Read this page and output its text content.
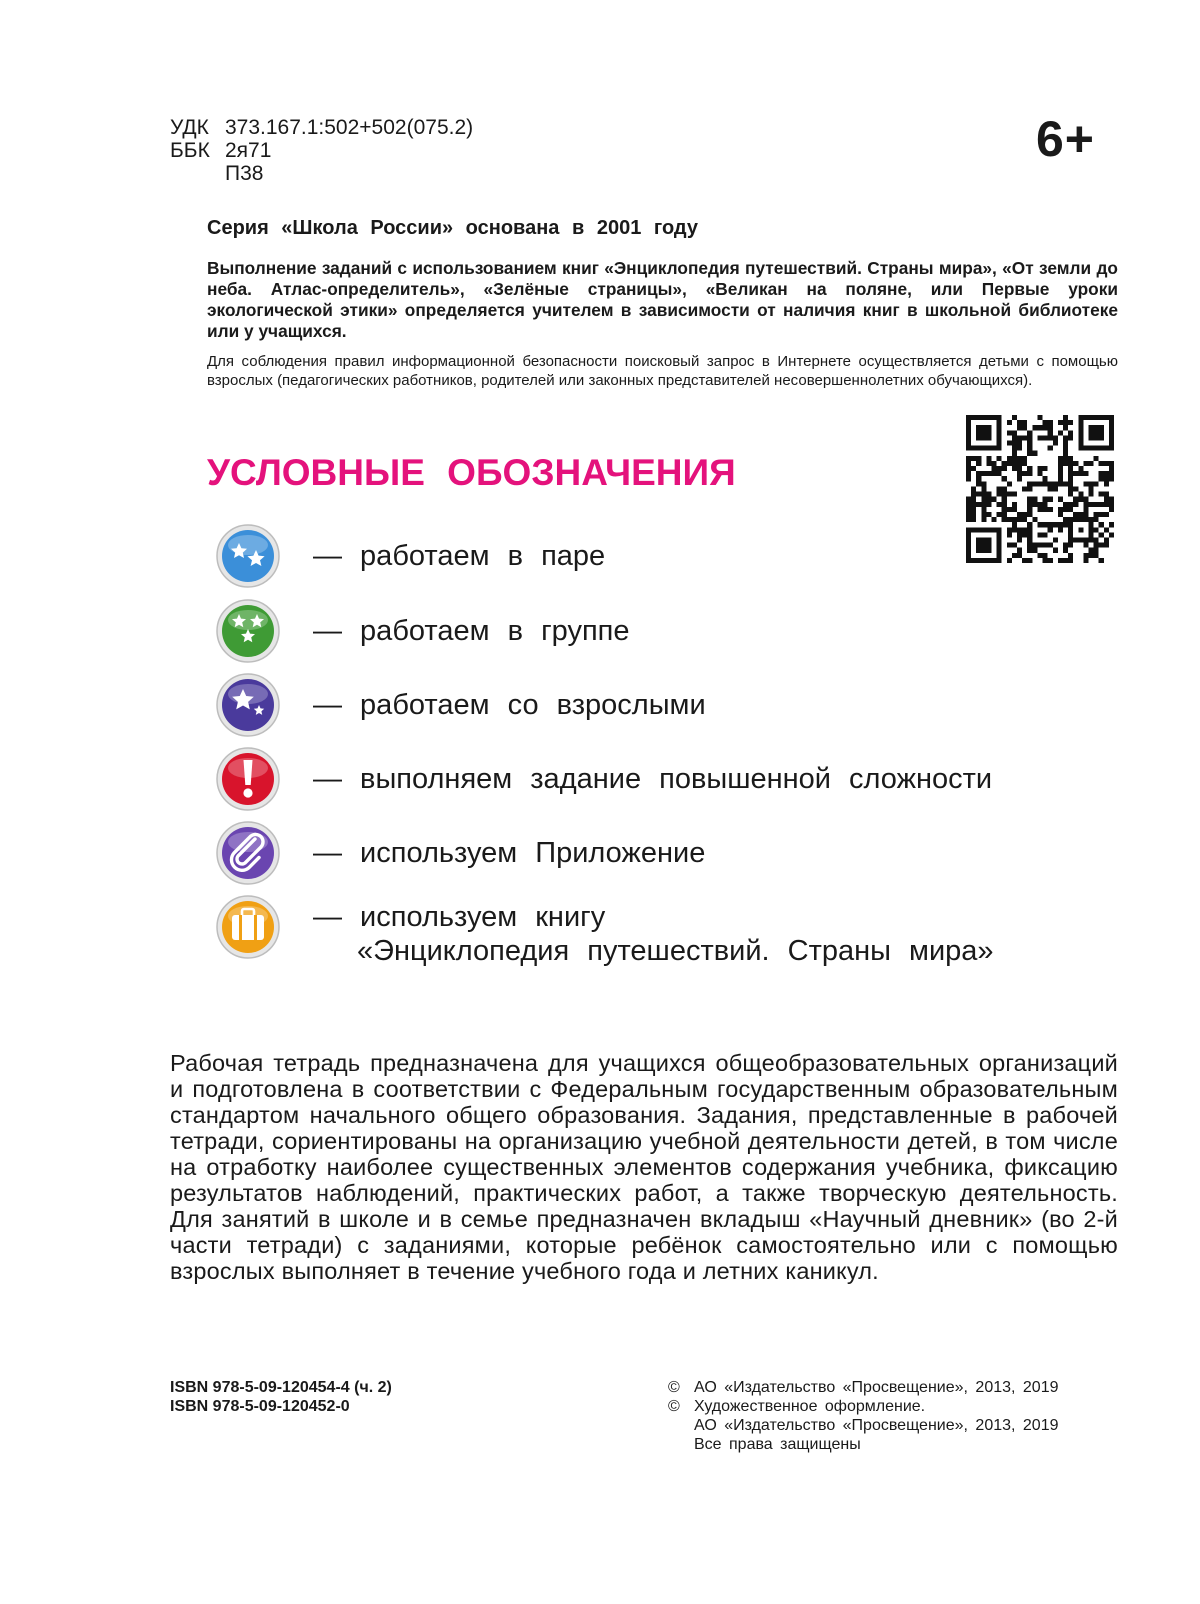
УДК 373.167.1:502+502(075.2)
ББК 2я71
П38
6+
Серия «Школа России» основана в 2001 году
Выполнение заданий с использованием книг «Энциклопедия путешествий. Страны мира», «От земли до неба. Атлас-определитель», «Зелёные страницы», «Великан на поляне, или Первые уроки экологической этики» определяется учителем в зависимости от наличия книг в школьной библиотеке или у учащихся.
Для соблюдения правил информационной безопасности поисковый запрос в Интернете осуществляется детьми с помощью взрослых (педагогических работников, родителей или законных представителей несовершеннолетних обучающихся).
УСЛОВНЫЕ ОБОЗНАЧЕНИЯ
— работаем в паре
— работаем в группе
— работаем со взрослыми
— выполняем задание повышенной сложности
— используем Приложение
— используем книгу
«Энциклопедия путешествий. Страны мира»
Рабочая тетрадь предназначена для учащихся общеобразовательных организаций и подготовлена в соответствии с Федеральным государственным образовательным стандартом начального общего образования. Задания, представленные в рабочей тетради, сориентированы на организацию учебной деятельности детей, в том числе на отработку наиболее существенных элементов содержания учебника, фиксацию результатов наблюдений, практических работ, а также творческую деятельность. Для занятий в школе и в семье предназначен вкладыш «Научный дневник» (во 2-й части тетради) с заданиями, которые ребёнок самостоятельно или с помощью взрослых выполняет в течение учебного года и летних каникул.
ISBN 978-5-09-120454-4 (ч. 2)
ISBN 978-5-09-120452-0
© АО «Издательство «Просвещение», 2013, 2019
© Художественное оформление.
АО «Издательство «Просвещение», 2013, 2019
Все права защищены
